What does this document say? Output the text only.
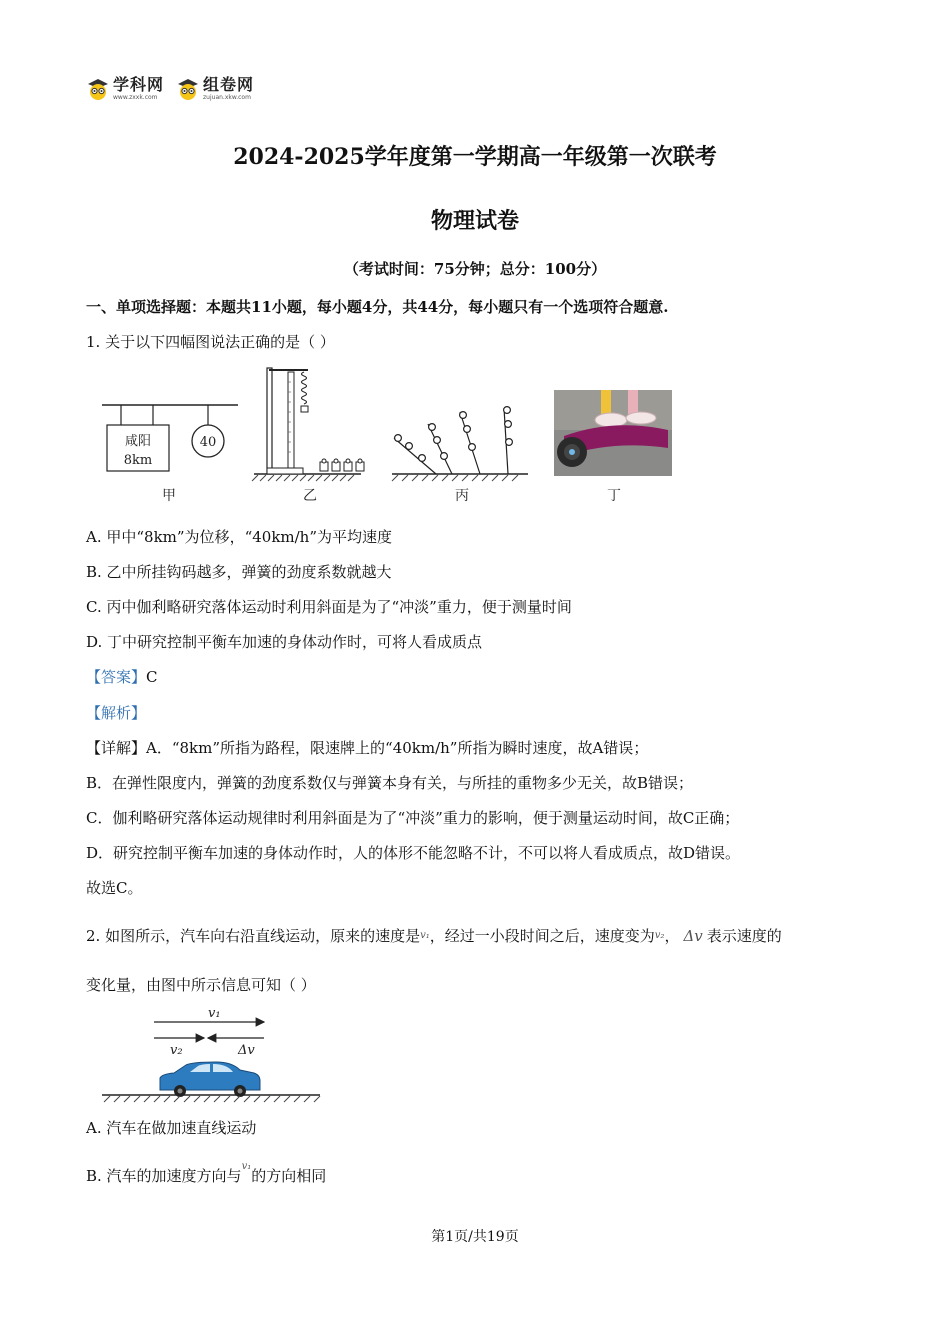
学科网
www.zxxk.com
组卷网
zujuan.xkw.com
2024-2025学年度第一学期高一年级第一次联考
物理试卷
（考试时间：75分钟；总分：100分）
一、单项选择题：本题共11小题，每小题4分，共44分，每小题只有一个选项符合题意.
1. 关于以下四幅图说法正确的是（ ）
咸阳
8km
40
甲	乙	丙	丁
A. 甲中“8km”为位移，“40km/h”为平均速度
B. 乙中所挂钩码越多，弹簧的劲度系数就越大
C. 丙中伽利略研究落体运动时利用斜面是为了“冲淡”重力，便于测量时间
D. 丁中研究控制平衡车加速的身体动作时，可将人看成质点
【答案】C
【解析】
【详解】A．“8km”所指为路程，限速牌上的“40km/h”所指为瞬时速度，故A错误；
B．在弹性限度内，弹簧的劲度系数仅与弹簧本身有关，与所挂的重物多少无关，故B错误；
C．伽利略研究落体运动规律时利用斜面是为了“冲淡”重力的影响，便于测量运动时间，故C正确；
D．研究控制平衡车加速的身体动作时，人的体形不能忽略不计，不可以将人看成质点，故D错误。
故选C。
2. 如图所示，汽车向右沿直线运动，原来的速度是$^{v_1}$，经过一小段时间之后，速度变为$^{v_2}$， Δv 表示速度的
变化量，由图中所示信息可知（ ）
v₁
v₂	Δv
A. 汽车在做加速直线运动
B. 汽车的加速度方向与$^{v_1}$的方向相同
第1页/共19页
